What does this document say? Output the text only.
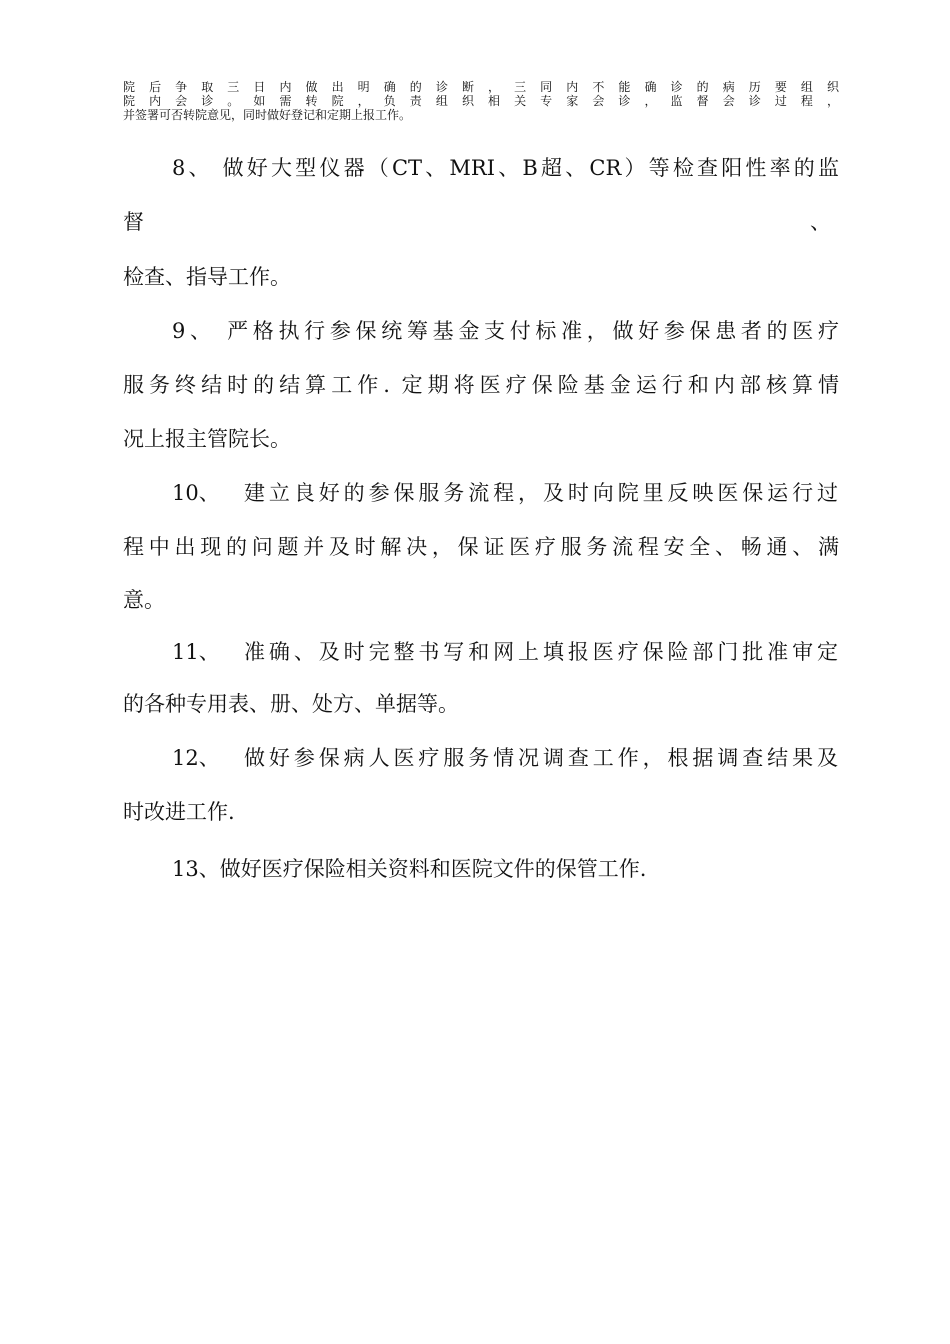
院后争取三日内做出明确的诊断，三同内不能确诊的病历要组织
院内会诊。如需转院，负责组织相关专家会诊，监督会诊过程，
并签署可否转院意见，同时做好登记和定期上报工作。
8、 做好大型仪器（CT、MRI、B超、CR）等检查阳性率的监
督	、
检查、指导工作。
9、 严格执行参保统筹基金支付标准，做好参保患者的医疗
服务终结时的结算工作. 定期将医疗保险基金运行和内部核算情
况上报主管院长。
10、 建立良好的参保服务流程，及时向院里反映医保运行过
程中出现的问题并及时解决，保证医疗服务流程安全、畅通、满
意。
11、 准确、及时完整书写和网上填报医疗保险部门批准审定
的各种专用表、册、处方、单据等。
12、 做好参保病人医疗服务情况调查工作，根据调查结果及
时改进工作.
13、做好医疗保险相关资料和医院文件的保管工作.
